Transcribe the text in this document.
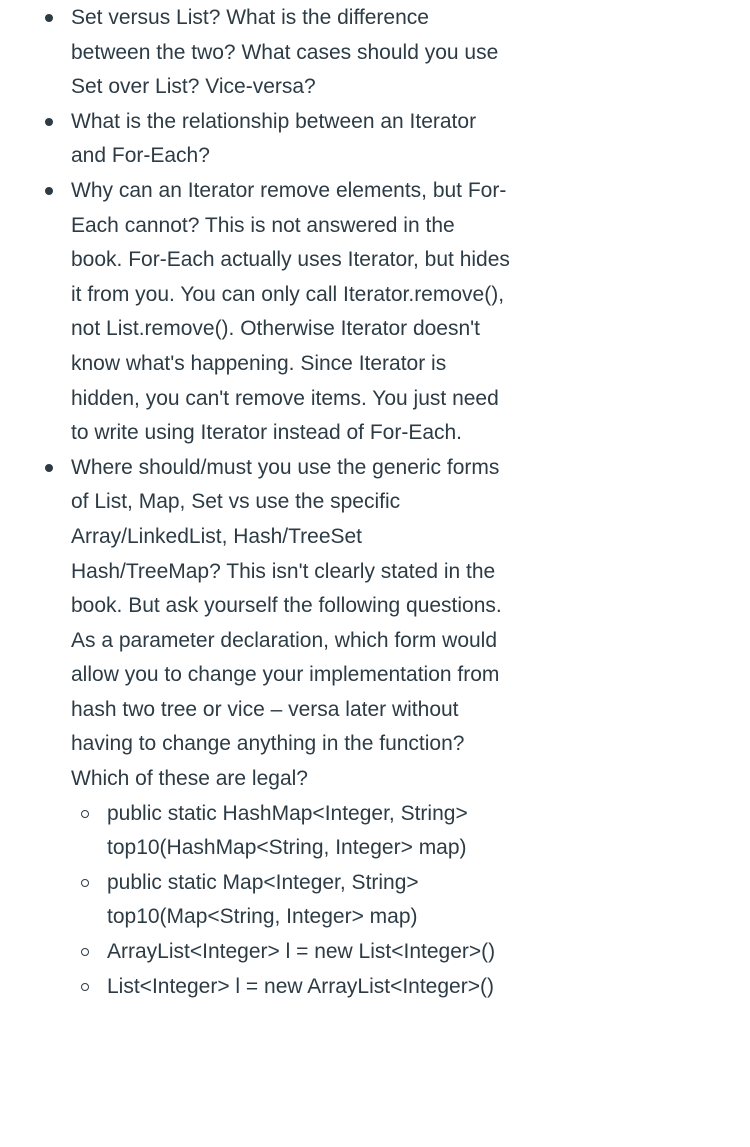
Set versus List? What is the difference between the two? What cases should you use Set over List? Vice-versa?
What is the relationship between an Iterator and For-Each?
Why can an Iterator remove elements, but For-Each cannot? This is not answered in the book. For-Each actually uses Iterator, but hides it from you. You can only call Iterator.remove(), not List.remove(). Otherwise Iterator doesn't know what's happening. Since Iterator is hidden, you can't remove items. You just need to write using Iterator instead of For-Each.
Where should/must you use the generic forms of List, Map, Set vs use the specific Array/LinkedList, Hash/TreeSet Hash/TreeMap? This isn't clearly stated in the book. But ask yourself the following questions. As a parameter declaration, which form would allow you to change your implementation from hash two tree or vice – versa later without having to change anything in the function? Which of these are legal?
public static HashMap<Integer, String> top10(HashMap<String, Integer> map)
public static Map<Integer, String> top10(Map<String, Integer> map)
ArrayList<Integer> l = new List<Integer>()
List<Integer> l = new ArrayList<Integer>()
